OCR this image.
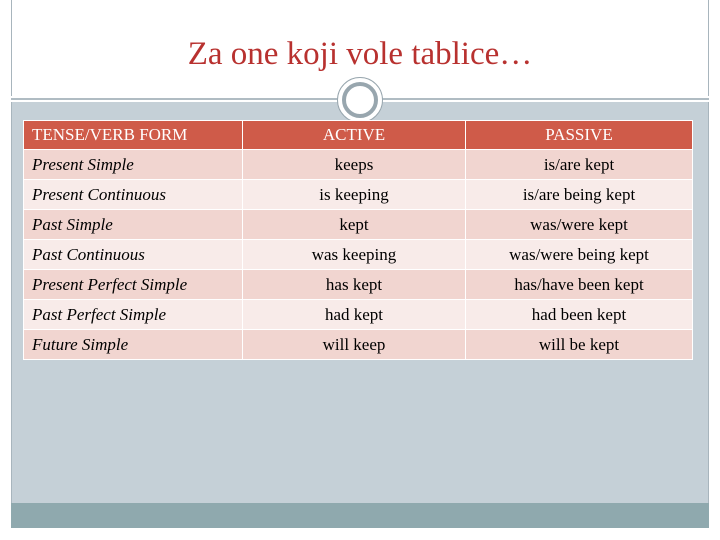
Za one koji vole tablice…
TENSE/VERB FORM	ACTIVE	PASSIVE
Present Simple	keeps	is/are kept
Present Continuous	is keeping	is/are being kept
Past Simple	kept	was/were kept
Past Continuous	was keeping	was/were being kept
Present Perfect Simple	has kept	has/have been kept
Past Perfect Simple	had kept	had been kept
Future Simple	will keep	will be kept
